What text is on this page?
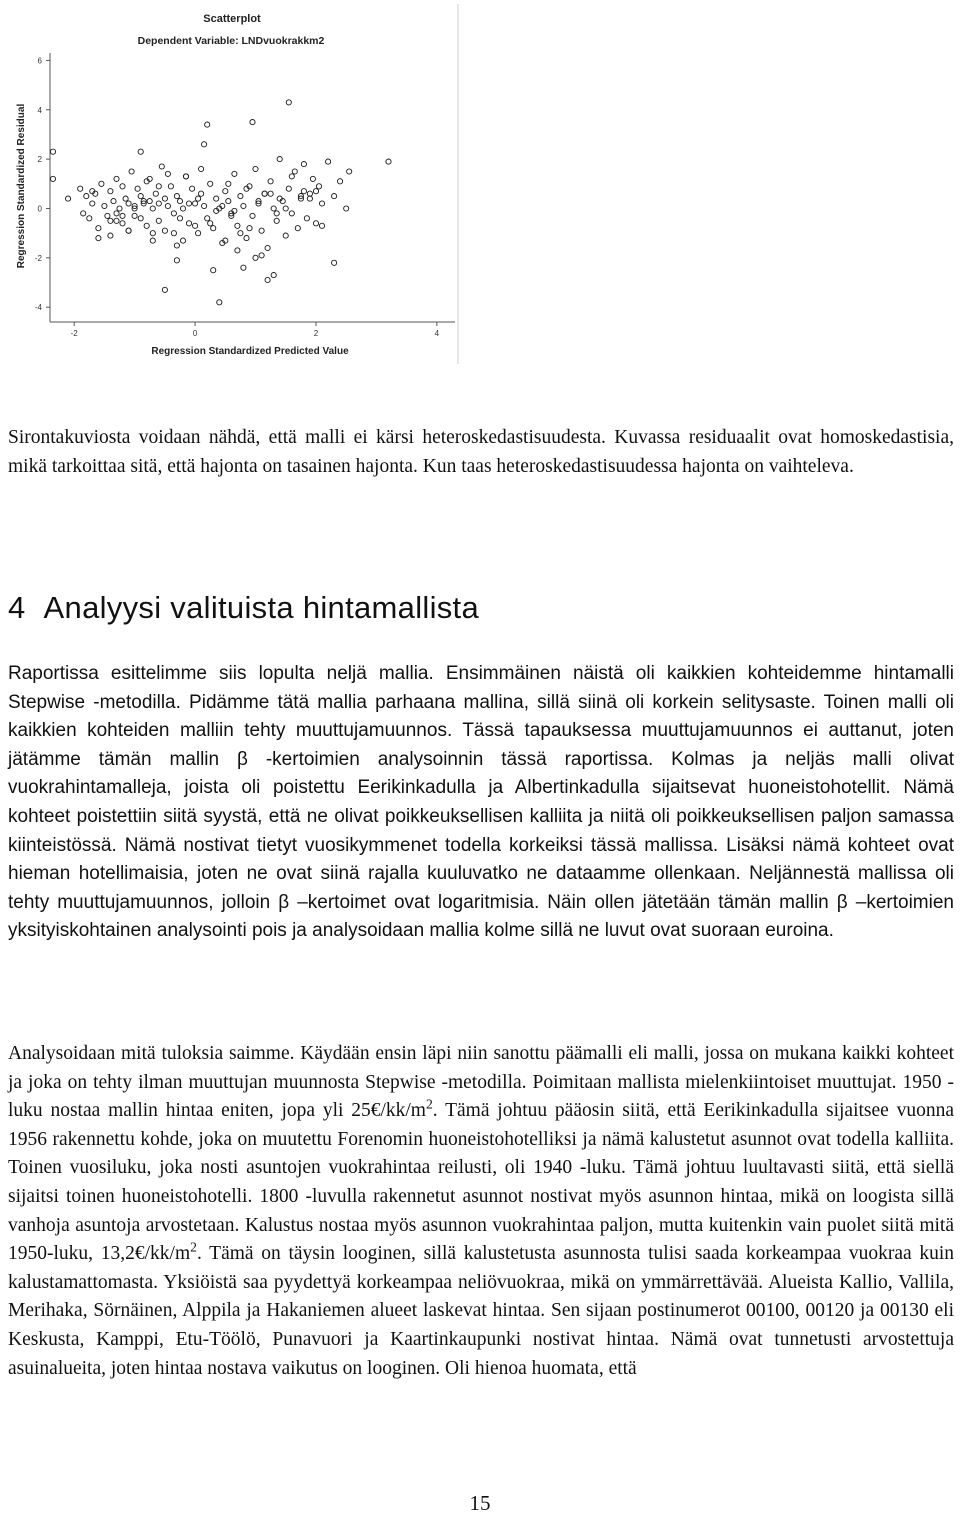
Scatterplot
Dependent Variable: LNDvuokrakkm2
Regression Standardized Residual
Regression Standardized Predicted Value
-4
-2
0
2
4
6
-2	0	2	4

Sirontakuviosta voidaan nähdä, että malli ei kärsi heteroskedastisuudesta. Kuvassa residuaalit ovat homoskedastisia, mikä tarkoittaa sitä, että hajonta on tasainen hajonta. Kun taas heteroskedastisuudessa hajonta on vaihteleva.

4 Analyysi valituista hintamallista

Raportissa esittelimme siis lopulta neljä mallia. Ensimmäinen näistä oli kaikkien kohteidemme hintamalli Stepwise -metodilla. Pidämme tätä mallia parhaana mallina, sillä siinä oli korkein selitysaste. Toinen malli oli kaikkien kohteiden malliin tehty muuttujamuunnos. Tässä tapauksessa muuttujamuunnos ei auttanut, joten jätämme tämän mallin β -kertoimien analysoinnin tässä raportissa. Kolmas ja neljäs malli olivat vuokrahintamalleja, joista oli poistettu Eerikinkadulla ja Albertinkadulla sijaitsevat huoneistohotellit. Nämä kohteet poistettiin siitä syystä, että ne olivat poikkeuksellisen kalliita ja niitä oli poikkeuksellisen paljon samassa kiinteistössä. Nämä nostivat tietyt vuosikymmenet todella korkeiksi tässä mallissa. Lisäksi nämä kohteet ovat hieman hotellimaisia, joten ne ovat siinä rajalla kuuluvatko ne dataamme ollenkaan. Neljännestä mallissa oli tehty muuttujamuunnos, jolloin β –kertoimet ovat logaritmisia. Näin ollen jätetään tämän mallin β –kertoimien yksityiskohtainen analysointi pois ja analysoidaan mallia kolme sillä ne luvut ovat suoraan euroina.

Analysoidaan mitä tuloksia saimme. Käydään ensin läpi niin sanottu päämalli eli malli, jossa on mukana kaikki kohteet ja joka on tehty ilman muuttujan muunnosta Stepwise -metodilla. Poimitaan mallista mielenkiintoiset muuttujat. 1950 -luku nostaa mallin hintaa eniten, jopa yli $25€/kk/m^2$. Tämä johtuu pääosin siitä, että Eerikinkadulla sijaitsee vuonna 1956 rakennettu kohde, joka on muutettu Forenomin huoneistohotelliksi ja nämä kalustetut asunnot ovat todella kalliita. Toinen vuosiluku, joka nosti asuntojen vuokrahintaa reilusti, oli 1940 -luku. Tämä johtuu luultavasti siitä, että siellä sijaitsi toinen huoneistohotelli. 1800 -luvulla rakennetut asunnot nostivat myös asunnon hintaa, mikä on loogista sillä vanhoja asuntoja arvostetaan. Kalustus nostaa myös asunnon vuokrahintaa paljon, mutta kuitenkin vain puolet siitä mitä 1950-luku, $13,2€/kk/m^2$. Tämä on täysin looginen, sillä kalustetusta asunnosta tulisi saada korkeampaa vuokraa kuin kalustamattomasta. Yksiöistä saa pyydettyä korkeampaa neliövuokraa, mikä on ymmärrettävää. Alueista Kallio, Vallila, Merihaka, Sörnäinen, Alppila ja Hakaniemen alueet laskevat hintaa. Sen sijaan postinumerot 00100, 00120 ja 00130 eli Keskusta, Kamppi, Etu-Töölö, Punavuori ja Kaartinkaupunki nostivat hintaa. Nämä ovat tunnetusti arvostettuja asuinalueita, joten hintaa nostava vaikutus on looginen. Oli hienoa huomata, että

15
